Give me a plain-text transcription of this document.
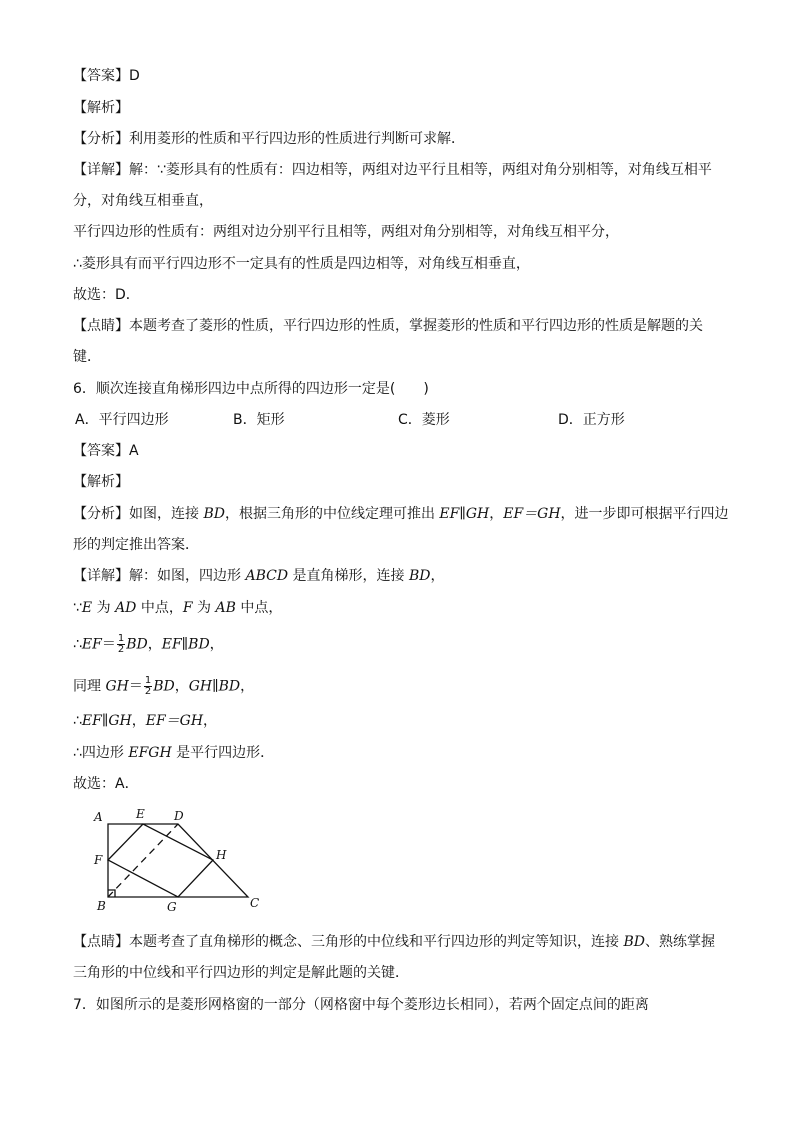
【答案】D
【解析】
【分析】利用菱形的性质和平行四边形的性质进行判断可求解．
【详解】解：∵菱形具有的性质有：四边相等，两组对边平行且相等，两组对角分别相等，对角线互相平
分，对角线互相垂直，
平行四边形的性质有：两组对边分别平行且相等，两组对角分别相等，对角线互相平分，
∴菱形具有而平行四边形不一定具有的性质是四边相等，对角线互相垂直，
故选：D．
【点睛】本题考查了菱形的性质，平行四边形的性质，掌握菱形的性质和平行四边形的性质是解题的关
键．
6．顺次连接直角梯形四边中点所得的四边形一定是(　　)
A．平行四边形	B．矩形	C．菱形	D．正方形
【答案】A
【解析】
【分析】如图，连接 BD，根据三角形的中位线定理可推出 EF∥GH，EF＝GH，进一步即可根据平行四边
形的判定推出答案．
【详解】解：如图，四边形 ABCD 是直角梯形，连接 BD，
∵E 为 AD 中点，F 为 AB 中点，
∴EF＝ $\frac{1}{2}$ BD，EF∥BD，
同理 $GH= \frac{1}{2}$ BD，GH∥BD，
∴EF∥GH，EF＝GH，
∴四边形 EFGH 是平行四边形．
故选：A．
A	E D
F	H
B	G	C
【点睛】本题考查了直角梯形的概念、三角形的中位线和平行四边形的判定等知识，连接 BD、熟练掌握
三角形的中位线和平行四边形的判定是解此题的关键．
7．如图所示的是菱形网格窗的一部分（网格窗中每个菱形边长相同），若两个固定点间的距离
